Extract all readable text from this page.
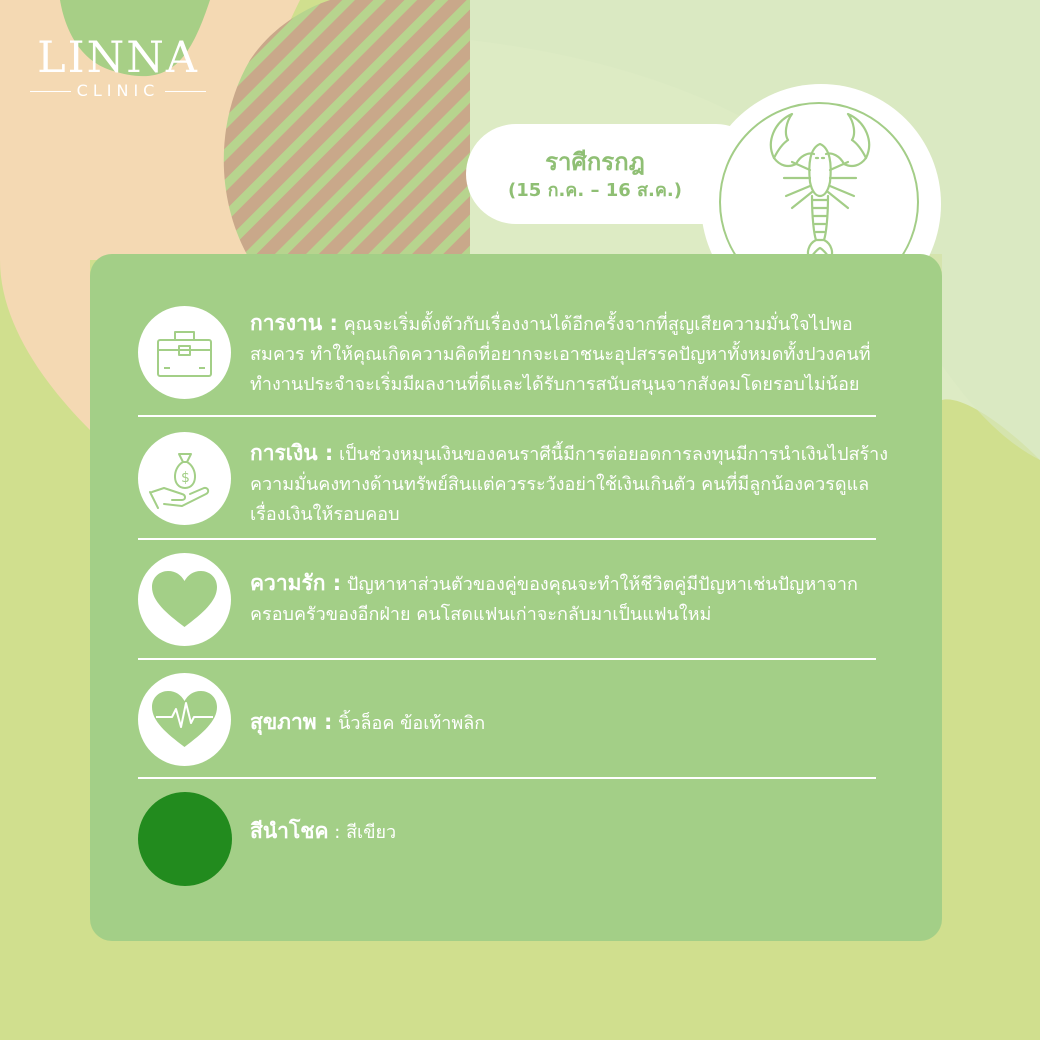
LINNA
CLINIC
ราศีกรกฎ
(15 ก.ค. – 16 ส.ค.)
การงาน : คุณจะเริ่มตั้งตัวกับเรื่องงานได้อีกครั้งจากที่สูญเสียความมั่นใจไปพอสมควร ทำให้คุณเกิดความคิดที่อยากจะเอาชนะอุปสรรคปัญหาทั้งหมดทั้งปวงคนที่ทำงานประจำจะเริ่มมีผลงานที่ดีและได้รับการสนับสนุนจากสังคมโดยรอบไม่น้อย
$
การเงิน : เป็นช่วงหมุนเงินของคนราศีนี้มีการต่อยอดการลงทุนมีการนำเงินไปสร้างความมั่นคงทางด้านทรัพย์สินแต่ควรระวังอย่าใช้เงินเกินตัว คนที่มีลูกน้องควรดูแลเรื่องเงินให้รอบคอบ
ความรัก : ปัญหาหาส่วนตัวของคู่ของคุณจะทำให้ชีวิตคู่มีปัญหาเช่นปัญหาจากครอบครัวของอีกฝ่าย คนโสดแฟนเก่าจะกลับมาเป็นแฟนใหม่
สุขภาพ : นิ้วล็อค ข้อเท้าพลิก
สีนำโชค : สีเขียว
